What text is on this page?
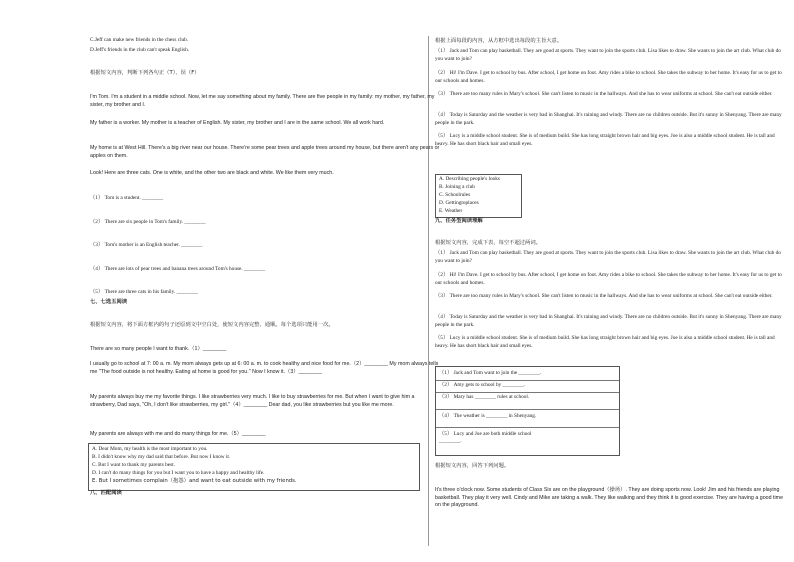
C.Jeff can make new friends in the chess club.
D.Jeff's friends in the club can't speak English.
根据短文内容，判断下列各句正（T）、误（F）
I'm Tom. I'm a student in a middle school. Now, let me say something about my family. There are five people in my family: my mother, my father, my sister, my brother and I.
My father is a worker. My mother is a teacher of English. My sister, my brother and I are in the same school. We all work hard.
My home is at West Hill. There's a big river near our house. There're some pear trees and apple trees around my house, but there aren't any pears or apples on them.
Look! Here are three cats. One is white, and the other two are black and white. We like them very much.
（1） Tom is a student. ________
（2） There are six people in Tom's family. ________
（3） Tom's mother is an English teacher. ________
（4） There are lots of pear trees and banana trees around Tom's house. ________
（5） There are three cats in his family. ________
七、七选五阅读
根据短文内容，将下面方框内的句子还原到文中空白处，使短文内容完整、通顺。每个选项只能用一次。
There are so many people I want to thank.（1）________
I usually go to school at 7: 00 a. m. My mom always gets up at 6: 00 a. m. to cook healthy and nice food for me.（2）________ My mom always tells me "The food outside is not healthy. Eating at home is good for you." Now I know it.（3）________
My parents always buy me my favorite things. I like strawberries very much. I like to buy strawberries for me. But when I want to give him a strawberry, Dad says, "Oh, I don't like strawberries, my girl."（4）________ Dear dad, you like strawberries but you like me more.
My parents are always with me and do many things for me.（5）________
A. Dear Mom, my health is the most important to you.
B. I didn't know why my dad said that before. But now I know it.
C. But I want to thank my parents best.
D. I can't do many things for you but I want you to have a happy and healthy life.
E. But I sometimes complain（抱怨）and want to eat outside with my friends.
八、匹配阅读
根据上面每段的内容，从方框中选出每段的主旨大意。
（1） Jack and Tom can play basketball. They are good at sports. They want to join the sports club. Lisa likes to draw. She wants to join the art club. What club do you want to join?
（2） Hi! I'm Dave. I get to school by bus. After school, I get home on foot. Amy rides a bike to school. She takes the subway to her home. It's easy for us to get to our schools and homes.
（3） There are too many rules in Mary's school. She can't listen to music in the hallways. And she has to wear uniforms at school. She can't eat outside either.
（4） Today is Saturday and the weather is very bad in Shanghai. It's raining and windy. There are no children outside. But it's sunny in Shenyang. There are many people in the park.
（5） Lucy is a middle school student. She is of medium build. She has long straight brown hair and big eyes. Joe is also a middle school student. He is tall and heavy. He has short black hair and small eyes.
A. Describing people's looks
B. Joining a club
C. Schoolrules
D. Gettingtoplaces
E. Weather
九、任务型阅读理解
根据短文内容，完成下表，每空不超过两词。
（1） Jack and Tom can play basketball. They are good at sports. They want to join the sports club. Lisa likes to draw. She wants to join the art club. What club do you want to join?
（2） Hi! I'm Dave. I get to school by bus. After school, I get home on foot. Amy rides a bike to school. She takes the subway to her home. It's easy for us to get to our schools and homes.
（3） There are too many rules in Mary's school. She can't listen to music in the hallways. And she has to wear uniforms at school. She can't eat outside either.
（4） Today is Saturday and the weather is very bad in Shanghai. It's raining and windy. There are no children outside. But it's sunny in Shenyang. There are many people in the park.
（5） Lucy is a middle school student. She is of medium build. She has long straight brown hair and big eyes. Joe is also a middle school student. He is tall and heavy. He has short black hair and small eyes.
（1） Jack and Tom want to join the ________.
（2） Amy gets to school by ________.
（3） Mary has ________ rules at school.
（4） The weather is ________ in Shenyang.
（5） Lucy and Joe are both middle school ________.
根据短文内容，回答下列问题。
It's three o'clock now. Some students of Class Six are on the playground（操场）. They are doing sports now. Look! Jim and his friends are playing basketball. They play it very well. Cindy and Mike are taking a walk. They like walking and they think it is good exercise. They are having a good time on the playground.
